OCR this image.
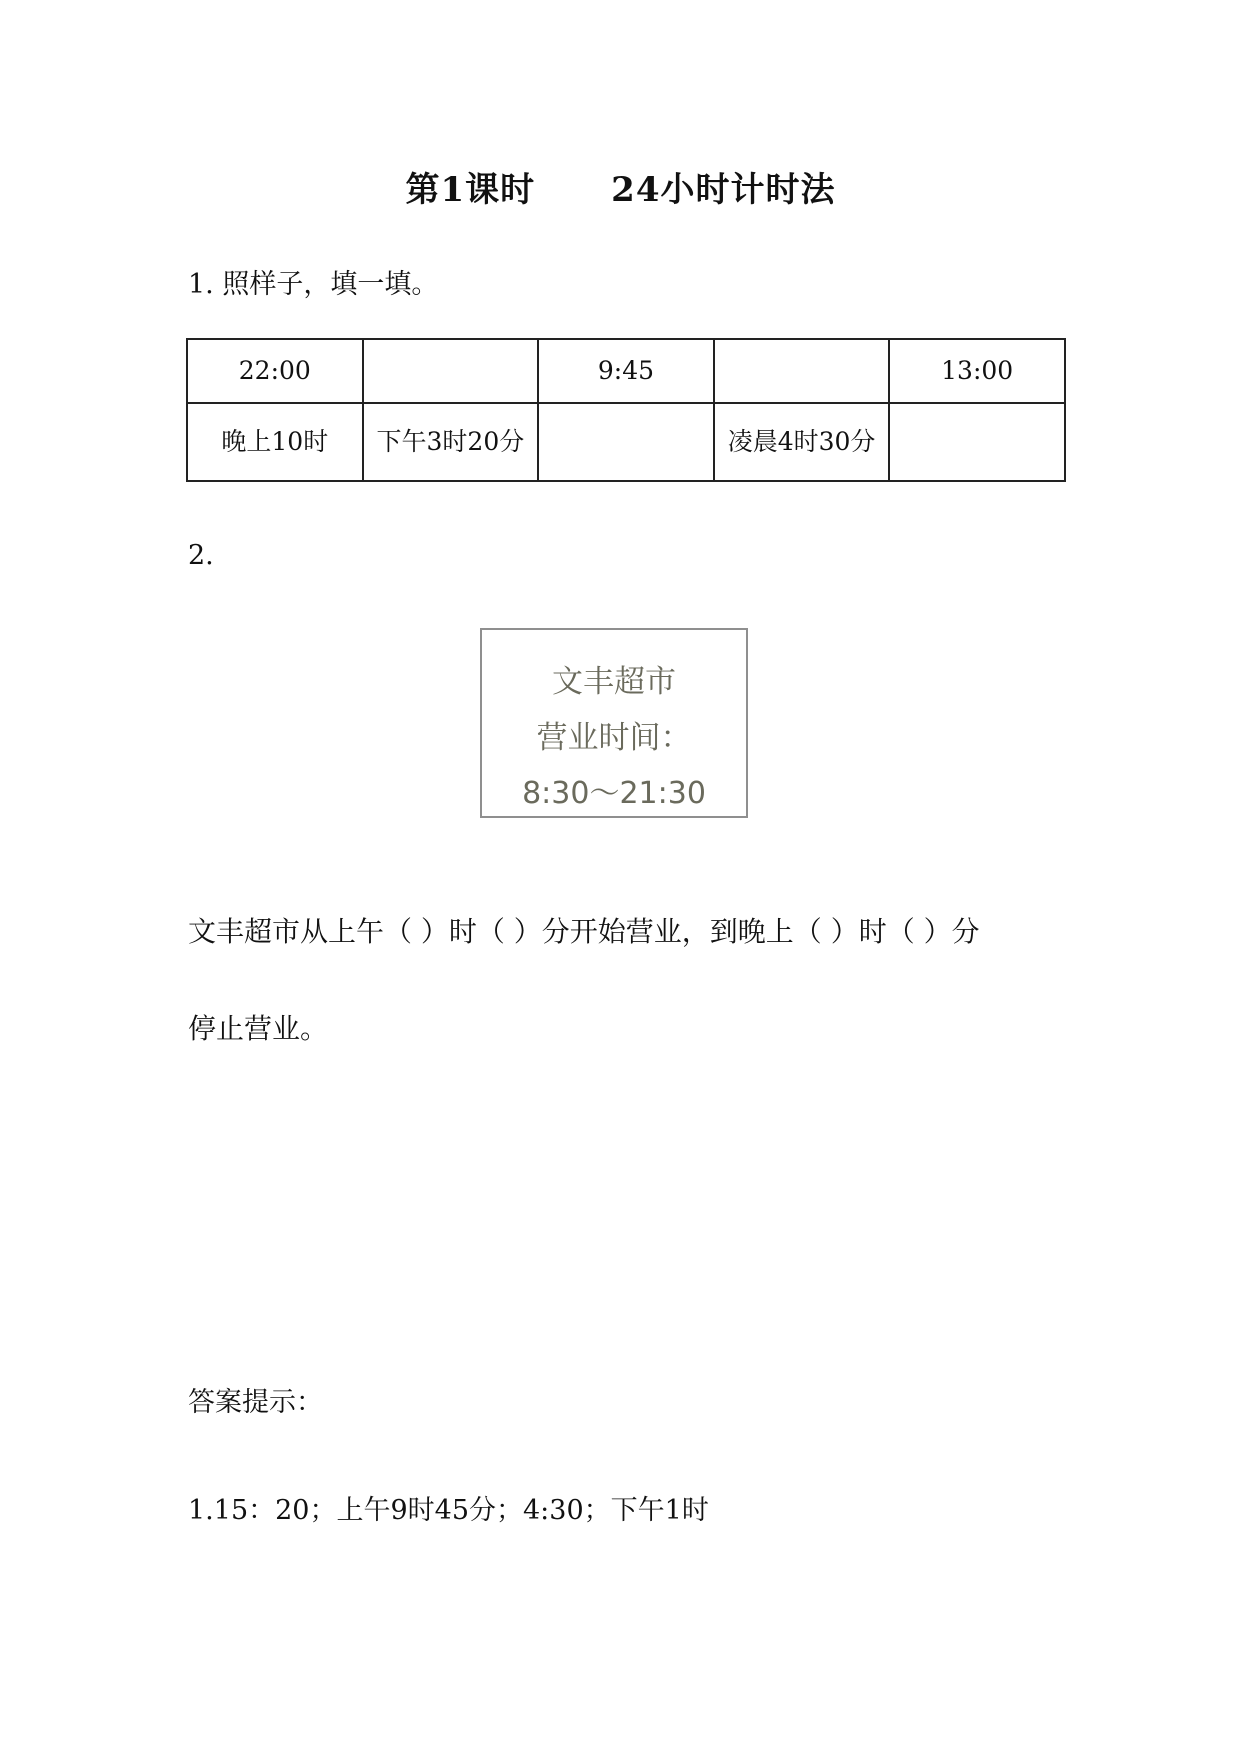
第1课时 24小时计时法

1. 照样子，填一填。

22:00		9:45		13:00
晚上10时	下午3时20分		凌晨4时30分	

2.

文丰超市
营业时间：
8:30～21:30

文丰超市从上午（ ）时（ ）分开始营业，到晚上（ ）时（ ）分

停止营业。

答案提示：

1.15：20；上午9时45分；4:30；下午1时
